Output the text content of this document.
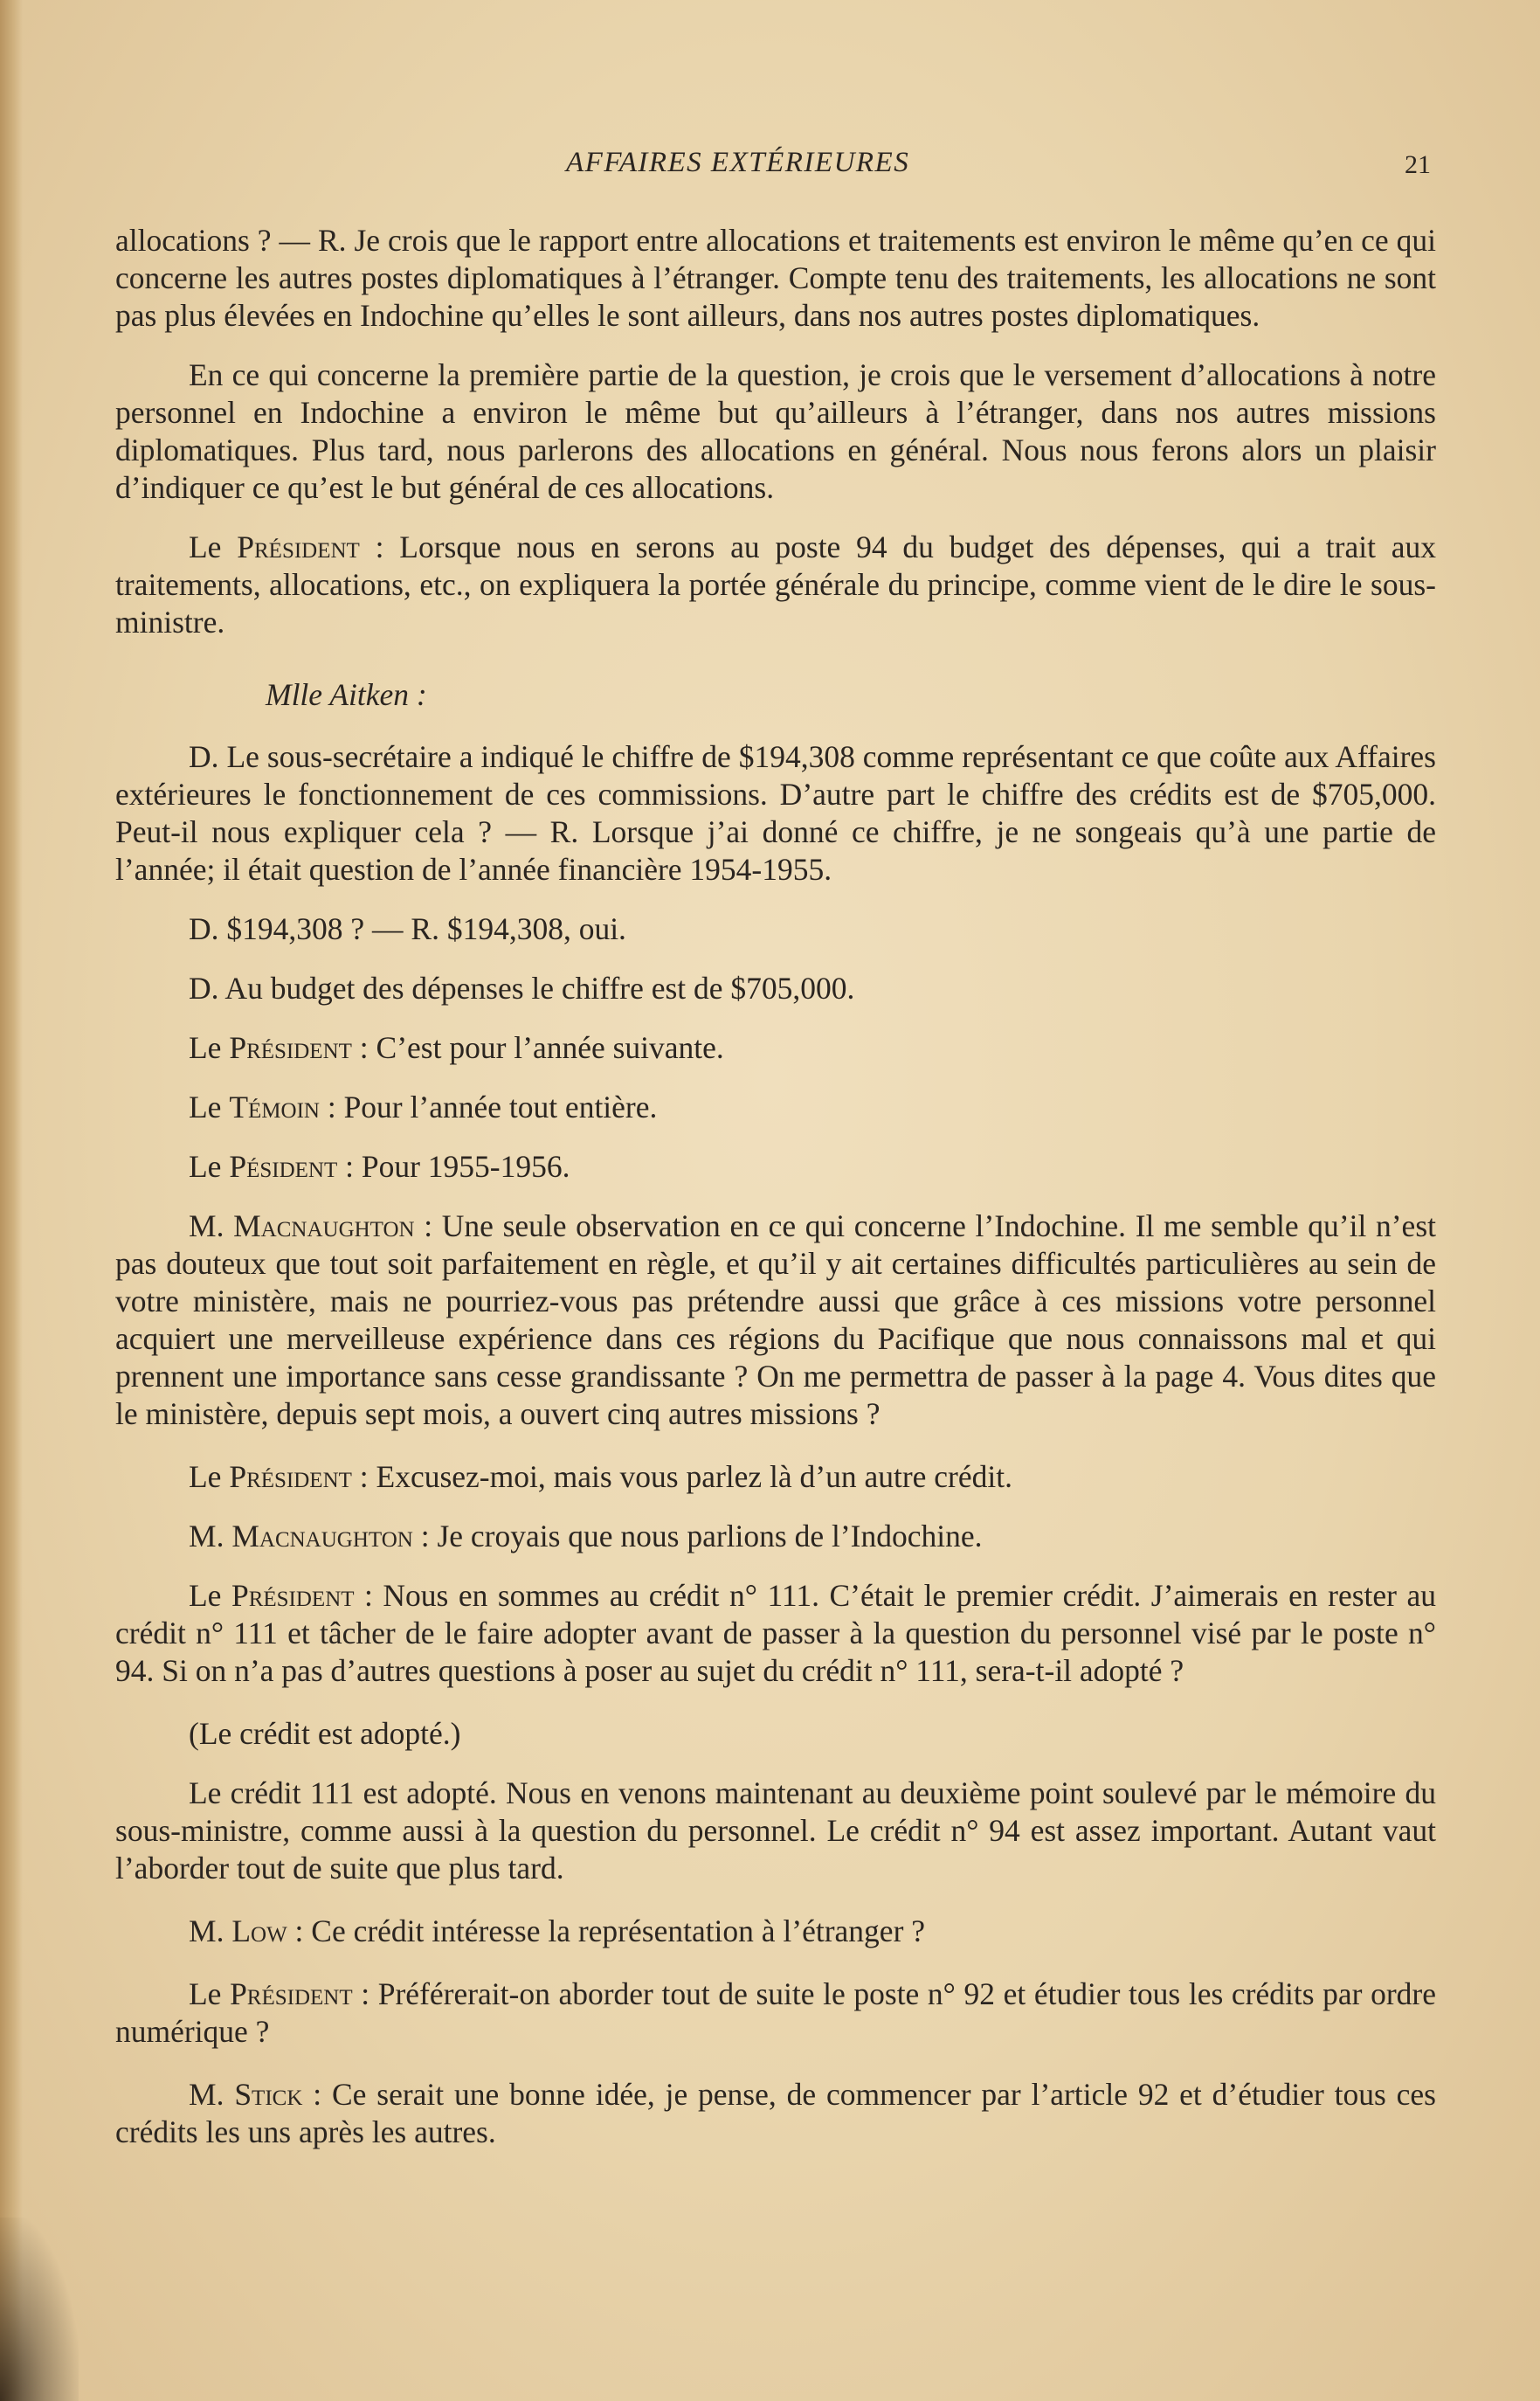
AFFAIRES EXTÉRIEURES	21

allocations ? — R. Je crois que le rapport entre allocations et traitements est environ le même qu’en ce qui concerne les autres postes diplomatiques à l’étranger. Compte tenu des traitements, les allocations ne sont pas plus élevées en Indochine qu’elles le sont ailleurs, dans nos autres postes diplomatiques.

En ce qui concerne la première partie de la question, je crois que le versement d’allocations à notre personnel en Indochine a environ le même but qu’ailleurs à l’étranger, dans nos autres missions diplomatiques. Plus tard, nous parlerons des allocations en général. Nous nous ferons alors un plaisir d’indiquer ce qu’est le but général de ces allocations.

Le Président : Lorsque nous en serons au poste 94 du budget des dépenses, qui a trait aux traitements, allocations, etc., on expliquera la portée générale du principe, comme vient de le dire le sous-ministre.

Mlle Aitken :

D. Le sous-secrétaire a indiqué le chiffre de $194,308 comme représentant ce que coûte aux Affaires extérieures le fonctionnement de ces commissions. D’autre part le chiffre des crédits est de $705,000. Peut-il nous expliquer cela ? — R. Lorsque j’ai donné ce chiffre, je ne songeais qu’à une partie de l’année; il était question de l’année financière 1954-1955.

D. $194,308 ? — R. $194,308, oui.

D. Au budget des dépenses le chiffre est de $705,000.

Le Président : C’est pour l’année suivante.

Le Témoin : Pour l’année tout entière.

Le Pésident : Pour 1955-1956.

M. Macnaughton : Une seule observation en ce qui concerne l’Indochine. Il me semble qu’il n’est pas douteux que tout soit parfaitement en règle, et qu’il y ait certaines difficultés particulières au sein de votre ministère, mais ne pourriez-vous pas prétendre aussi que grâce à ces missions votre personnel acquiert une merveilleuse expérience dans ces régions du Pacifique que nous connaissons mal et qui prennent une importance sans cesse grandissante ? On me permettra de passer à la page 4. Vous dites que le ministère, depuis sept mois, a ouvert cinq autres missions ?

Le Président : Excusez-moi, mais vous parlez là d’un autre crédit.

M. Macnaughton : Je croyais que nous parlions de l’Indochine.

Le Président : Nous en sommes au crédit n° 111. C’était le premier crédit. J’aimerais en rester au crédit n° 111 et tâcher de le faire adopter avant de passer à la question du personnel visé par le poste n° 94. Si on n’a pas d’autres questions à poser au sujet du crédit n° 111, sera-t-il adopté ?

(Le crédit est adopté.)

Le crédit 111 est adopté. Nous en venons maintenant au deuxième point soulevé par le mémoire du sous-ministre, comme aussi à la question du personnel. Le crédit n° 94 est assez important. Autant vaut l’aborder tout de suite que plus tard.

M. Low : Ce crédit intéresse la représentation à l’étranger ?

Le Président : Préférerait-on aborder tout de suite le poste n° 92 et étudier tous les crédits par ordre numérique ?

M. Stick : Ce serait une bonne idée, je pense, de commencer par l’article 92 et d’étudier tous ces crédits les uns après les autres.
